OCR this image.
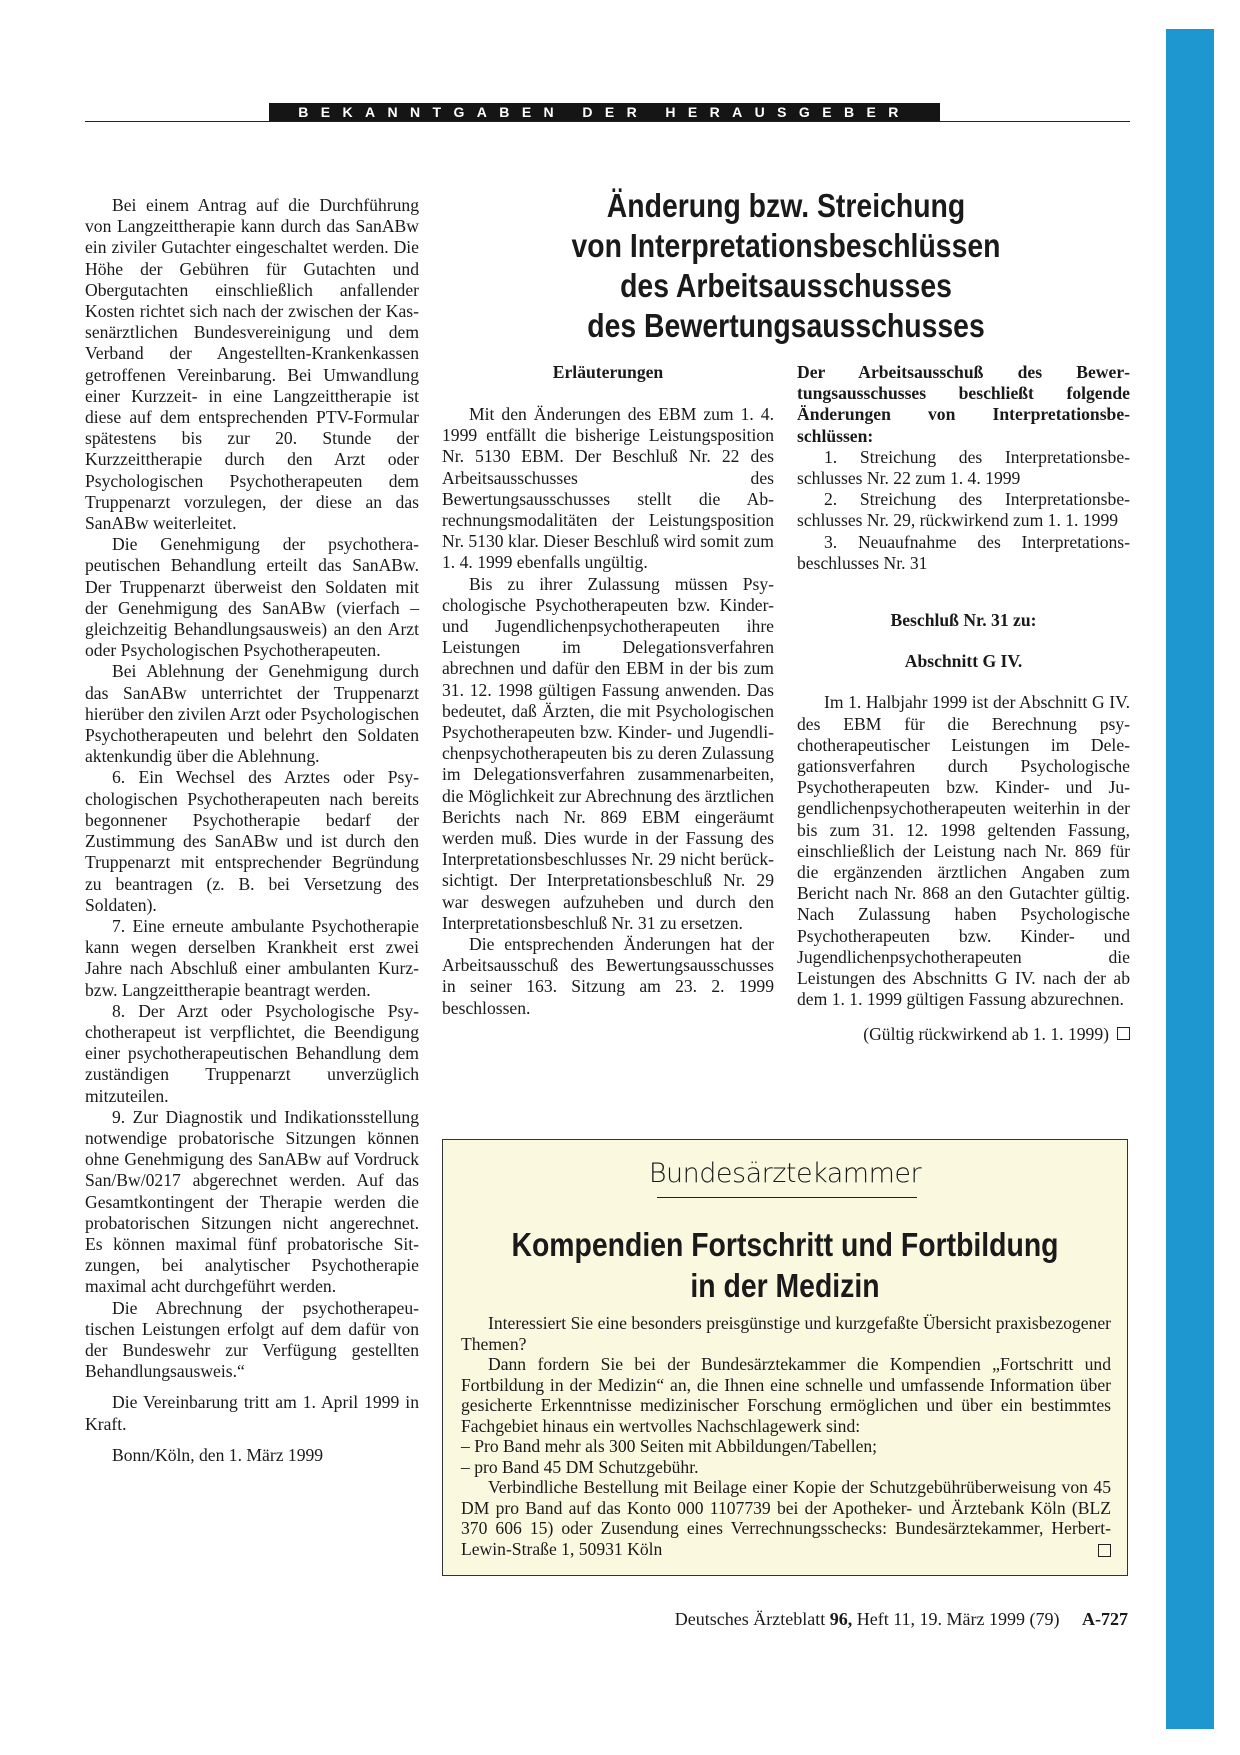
BEKANNTGABEN DER HERAUSGEBER

Bei einem Antrag auf die Durchführung von Langzeittherapie kann durch das SanABw ein ziviler Gutachter eingeschaltet werden. Die Höhe der Gebühren für Gutachten und Obergutachten einschließlich anfallender Kosten richtet sich nach der zwischen der Kassenärztlichen Bundesvereinigung und dem Verband der Angestellten-Krankenkassen getroffenen Vereinbarung. Bei Umwandlung einer Kurzzeit- in eine Langzeittherapie ist diese auf dem entsprechenden PTV-Formular spätestens bis zur 20. Stunde der Kurzzeittherapie durch den Arzt oder Psychologischen Psychotherapeuten dem Truppenarzt vorzulegen, der diese an das SanABw weiterleitet.

Die Genehmigung der psychotherapeutischen Behandlung erteilt das SanABw. Der Truppenarzt überweist den Soldaten mit der Genehmigung des SanABw (vierfach – gleichzeitig Behandlungsausweis) an den Arzt oder Psychologischen Psychotherapeuten.

Bei Ablehnung der Genehmigung durch das SanABw unterrichtet der Truppenarzt hierüber den zivilen Arzt oder Psychologischen Psychotherapeuten und belehrt den Soldaten aktenkundig über die Ablehnung.

6. Ein Wechsel des Arztes oder Psychologischen Psychotherapeuten nach bereits begonnener Psychotherapie bedarf der Zustimmung des SanABw und ist durch den Truppenarzt mit entsprechender Begründung zu beantragen (z. B. bei Versetzung des Soldaten).

7. Eine erneute ambulante Psychotherapie kann wegen derselben Krankheit erst zwei Jahre nach Abschluß einer ambulanten Kurz- bzw. Langzeittherapie beantragt werden.

8. Der Arzt oder Psychologische Psychotherapeut ist verpflichtet, die Beendigung einer psychotherapeutischen Behandlung dem zuständigen Truppenarzt unverzüglich mitzuteilen.

9. Zur Diagnostik und Indikationsstellung notwendige probatorische Sitzungen können ohne Genehmigung des SanABw auf Vordruck San/Bw/0217 abgerechnet werden. Auf das Gesamtkontingent der Therapie werden die probatorischen Sitzungen nicht angerechnet. Es können maximal fünf probatorische Sitzungen, bei analytischer Psychotherapie maximal acht durchgeführt werden.

Die Abrechnung der psychotherapeutischen Leistungen erfolgt auf dem dafür von der Bundeswehr zur Verfügung gestellten Behandlungsausweis.“

Die Vereinbarung tritt am 1. April 1999 in Kraft.

Bonn/Köln, den 1. März 1999

Änderung bzw. Streichung
von Interpretationsbeschlüssen
des Arbeitsausschusses
des Bewertungsausschusses
Erläuterungen

Mit den Änderungen des EBM zum 1. 4. 1999 entfällt die bisherige Leistungsposition Nr. 5130 EBM. Der Beschluß Nr. 22 des Arbeitsausschusses des Bewertungsausschusses stellt die Abrechnungsmodalitäten der Leistungsposition Nr. 5130 klar. Dieser Beschluß wird somit zum 1. 4. 1999 ebenfalls ungültig.

Bis zu ihrer Zulassung müssen Psychologische Psychotherapeuten bzw. Kinder- und Jugendlichenpsychotherapeuten ihre Leistungen im Delegationsverfahren abrechnen und dafür den EBM in der bis zum 31. 12. 1998 gültigen Fassung anwenden. Das bedeutet, daß Ärzten, die mit Psychologischen Psychotherapeuten bzw. Kinder- und Jugendlichenpsychotherapeuten bis zu deren Zulassung im Delegationsverfahren zusammenarbeiten, die Möglichkeit zur Abrechnung des ärztlichen Berichts nach Nr. 869 EBM eingeräumt werden muß. Dies wurde in der Fassung des Interpretationsbeschlusses Nr. 29 nicht berücksichtigt. Der Interpretationsbeschluß Nr. 29 war deswegen aufzuheben und durch den Interpretationsbeschluß Nr. 31 zu ersetzen.

Die entsprechenden Änderungen hat der Arbeitsausschuß des Bewertungsausschusses in seiner 163. Sitzung am 23. 2. 1999 beschlossen.

Der Arbeitsausschuß des Bewertungsausschusses beschließt folgende Änderungen von Interpretationsbeschlüssen:

1. Streichung des Interpretationsbeschlusses Nr. 22 zum 1. 4. 1999

2. Streichung des Interpretationsbeschlusses Nr. 29, rückwirkend zum 1. 1. 1999

3. Neuaufnahme des Interpretationsbeschlusses Nr. 31

Beschluß Nr. 31 zu:

Abschnitt G IV.

Im 1. Halbjahr 1999 ist der Abschnitt G IV. des EBM für die Berechnung psychotherapeutischer Leistungen im Delegationsverfahren durch Psychologische Psychotherapeuten bzw. Kinder- und Jugendlichenpsychotherapeuten weiterhin in der bis zum 31. 12. 1998 geltenden Fassung, einschließlich der Leistung nach Nr. 869 für die ergänzenden ärztlichen Angaben zum Bericht nach Nr. 868 an den Gutachter gültig. Nach Zulassung haben Psychologische Psychotherapeuten bzw. Kinder- und Jugendlichenpsychotherapeuten die Leistungen des Abschnitts G IV. nach der ab dem 1. 1. 1999 gültigen Fassung abzurechnen.

(Gültig rückwirkend ab 1. 1. 1999)

Bundesärztekammer
Kompendien Fortschritt und Fortbildung
in der Medizin

Interessiert Sie eine besonders preisgünstige und kurzgefaßte Übersicht praxisbezogener Themen?

Dann fordern Sie bei der Bundesärztekammer die Kompendien „Fortschritt und Fortbildung in der Medizin“ an, die Ihnen eine schnelle und umfassende Information über gesicherte Erkenntnisse medizinischer Forschung ermöglichen und über ein bestimmtes Fachgebiet hinaus ein wertvolles Nachschlagewerk sind:

– Pro Band mehr als 300 Seiten mit Abbildungen/Tabellen;

– pro Band 45 DM Schutzgebühr.

Verbindliche Bestellung mit Beilage einer Kopie der Schutzgebührüberweisung von 45 DM pro Band auf das Konto 000 1107739 bei der Apotheker- und Ärztebank Köln (BLZ 370 606 15) oder Zusendung eines Verrechnungsschecks: Bundesärztekammer, Herbert-Lewin-Straße 1, 50931 Köln

Deutsches Ärzteblatt 96, Heft 11, 19. März 1999 (79) A-727
